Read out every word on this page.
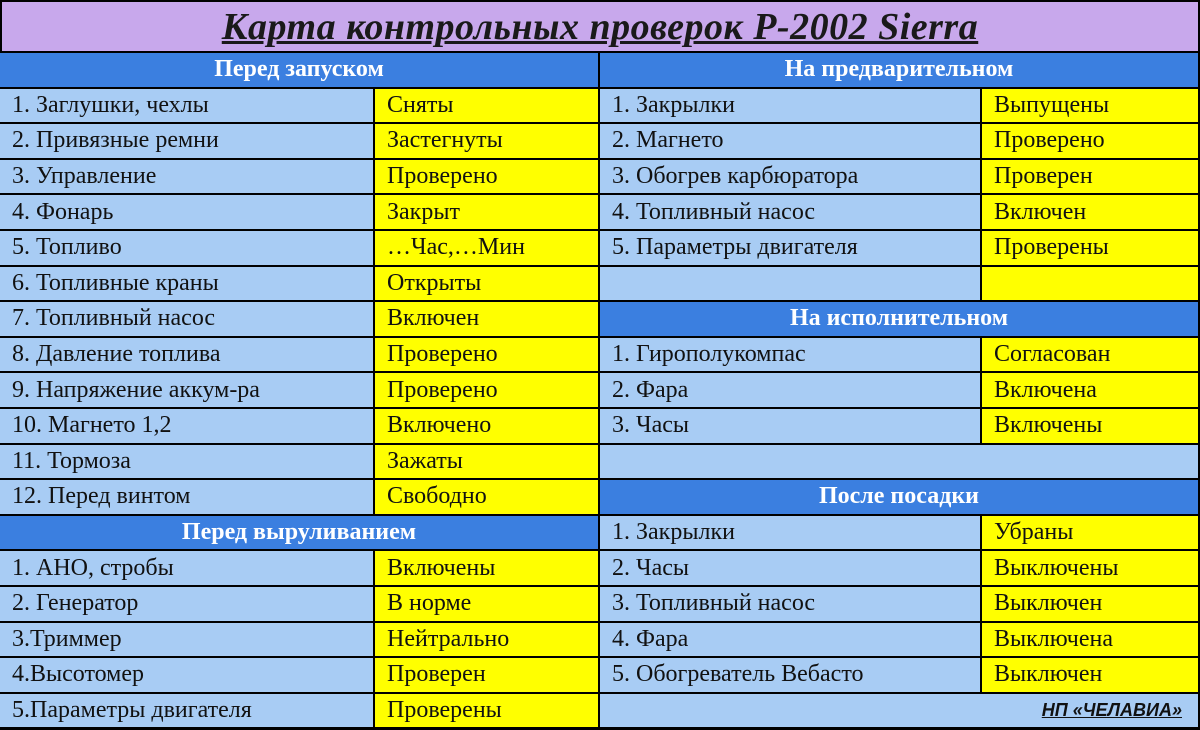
Карта контрольных проверок Р-2002 Sierra
Перед запуском	На предварительном
1. Заглушки, чехлы	Сняты
2. Привязные ремни	Застегнуты
3. Управление	Проверено
4. Фонарь	Закрыт
5. Топливо	…Час,…Мин
6. Топливные краны	Открыты
7. Топливный насос	Включен
8. Давление топлива	Проверено
9. Напряжение аккум-ра	Проверено
10. Магнето 1,2	Включено
11. Тормоза	Зажаты
12. Перед винтом	Свободно
Перед выруливанием
1. АНО, стробы	Включены
2. Генератор	В норме
3.Триммер	Нейтрально
4.Высотомер	Проверен
5.Параметры двигателя	Проверены
1. Закрылки	Выпущены
2. Магнето	Проверено
3. Обогрев карбюратора	Проверен
4. Топливный насос	Включен
5. Параметры двигателя	Проверены
На исполнительном
1. Гирополукомпас	Согласован
2. Фара	Включена
3. Часы	Включены
После посадки
1. Закрылки	Убраны
2. Часы	Выключены
3. Топливный насос	Выключен
4. Фара	Выключена
5. Обогреватель Вебасто	Выключен
НП «ЧЕЛАВИА»
